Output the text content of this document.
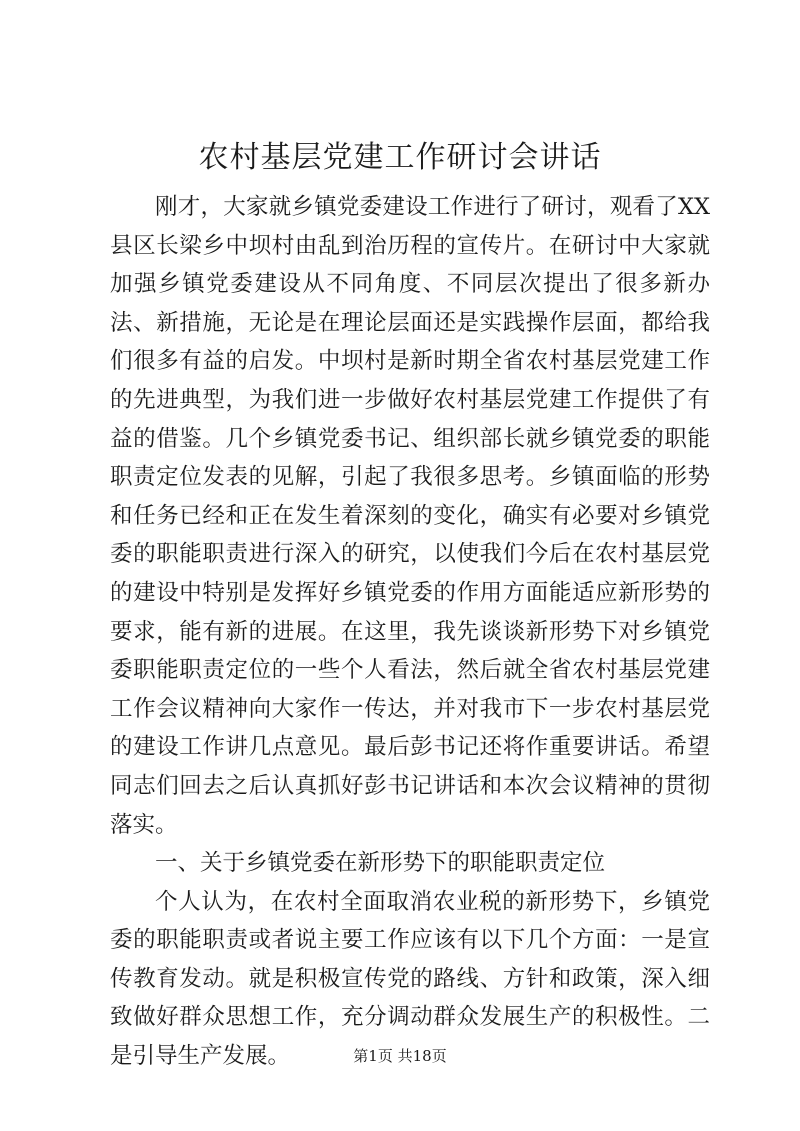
农村基层党建工作研讨会讲话

刚才，大家就乡镇党委建设工作进行了研讨，观看了XX县区长梁乡中坝村由乱到治历程的宣传片。在研讨中大家就加强乡镇党委建设从不同角度、不同层次提出了很多新办法、新措施，无论是在理论层面还是实践操作层面，都给我们很多有益的启发。中坝村是新时期全省农村基层党建工作的先进典型，为我们进一步做好农村基层党建工作提供了有益的借鉴。几个乡镇党委书记、组织部长就乡镇党委的职能职责定位发表的见解，引起了我很多思考。乡镇面临的形势和任务已经和正在发生着深刻的变化，确实有必要对乡镇党委的职能职责进行深入的研究，以使我们今后在农村基层党的建设中特别是发挥好乡镇党委的作用方面能适应新形势的要求，能有新的进展。在这里，我先谈谈新形势下对乡镇党委职能职责定位的一些个人看法，然后就全省农村基层党建工作会议精神向大家作一传达，并对我市下一步农村基层党的建设工作讲几点意见。最后彭书记还将作重要讲话。希望同志们回去之后认真抓好彭书记讲话和本次会议精神的贯彻落实。

一、关于乡镇党委在新形势下的职能职责定位

个人认为，在农村全面取消农业税的新形势下，乡镇党委的职能职责或者说主要工作应该有以下几个方面：一是宣传教育发动。就是积极宣传党的路线、方针和政策，深入细致做好群众思想工作，充分调动群众发展生产的积极性。二是引导生产发展。	第1页 共18页
